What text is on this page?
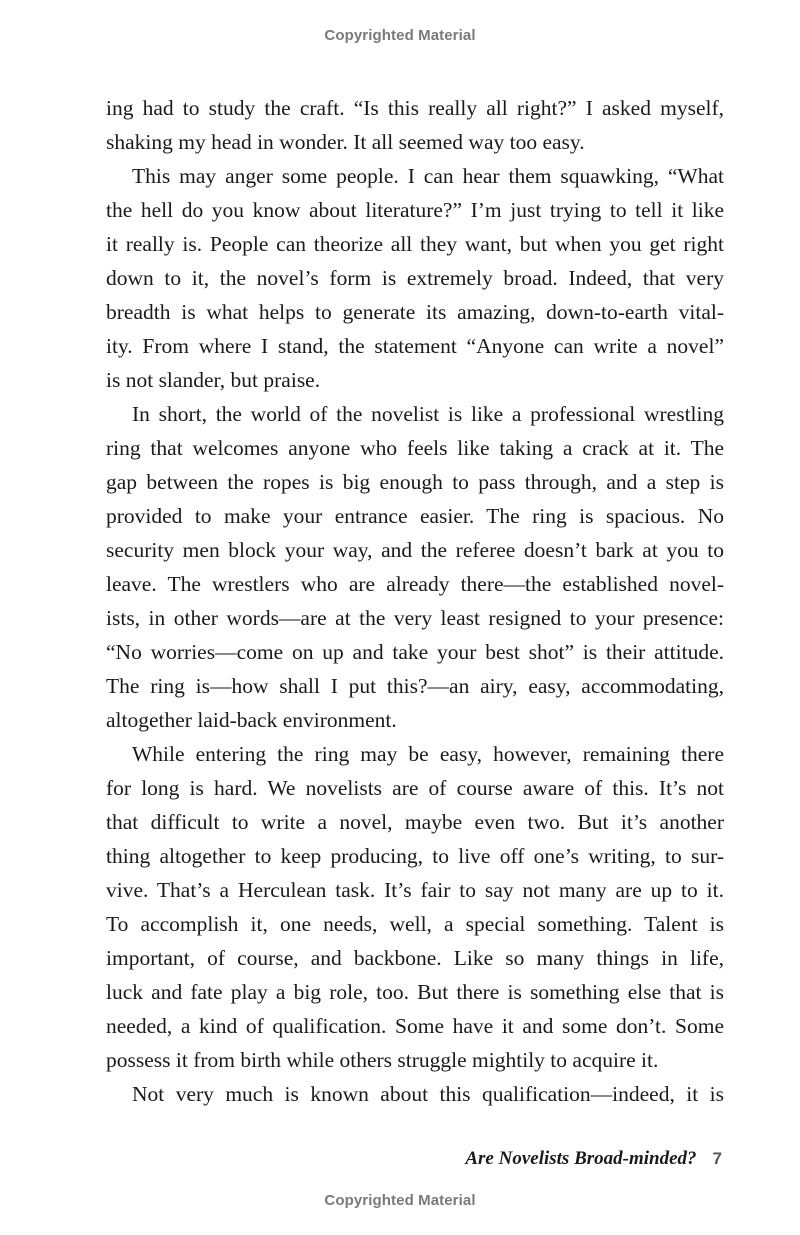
Copyrighted Material
ing had to study the craft. “Is this really all right?” I asked myself,
shaking my head in wonder. It all seemed way too easy.
This may anger some people. I can hear them squawking, “What
the hell do you know about literature?” I’m just trying to tell it like
it really is. People can theorize all they want, but when you get right
down to it, the novel’s form is extremely broad. Indeed, that very
breadth is what helps to generate its amazing, down-to-earth vital-
ity. From where I stand, the statement “Anyone can write a novel”
is not slander, but praise.
In short, the world of the novelist is like a professional wrestling
ring that welcomes anyone who feels like taking a crack at it. The
gap between the ropes is big enough to pass through, and a step is
provided to make your entrance easier. The ring is spacious. No
security men block your way, and the referee doesn’t bark at you to
leave. The wrestlers who are already there—the established novel-
ists, in other words—are at the very least resigned to your presence:
“No worries—come on up and take your best shot” is their attitude.
The ring is—how shall I put this?—an airy, easy, accommodating,
altogether laid-back environment.
While entering the ring may be easy, however, remaining there
for long is hard. We novelists are of course aware of this. It’s not
that difficult to write a novel, maybe even two. But it’s another
thing altogether to keep producing, to live off one’s writing, to sur-
vive. That’s a Herculean task. It’s fair to say not many are up to it.
To accomplish it, one needs, well, a special something. Talent is
important, of course, and backbone. Like so many things in life,
luck and fate play a big role, too. But there is something else that is
needed, a kind of qualification. Some have it and some don’t. Some
possess it from birth while others struggle mightily to acquire it.
Not very much is known about this qualification—indeed, it is
Are Novelists Broad-minded? 7
Copyrighted Material
